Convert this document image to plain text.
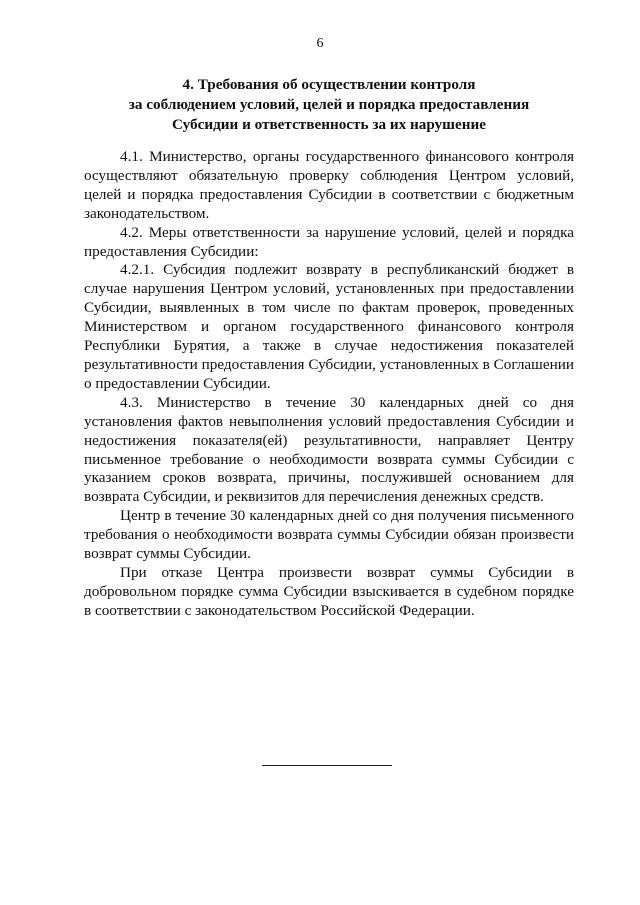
6
4. Требования об осуществлении контроля
за соблюдением условий, целей и порядка предоставления
Субсидии и ответственность за их нарушение

4.1. Министерство, органы государственного финансового контроля осуществляют обязательную проверку соблюдения Центром условий, целей и порядка предоставления Субсидии в соответствии с бюджетным законодательством.

4.2. Меры ответственности за нарушение условий, целей и порядка предоставления Субсидии:

4.2.1. Субсидия подлежит возврату в республиканский бюджет в случае нарушения Центром условий, установленных при предоставлении Субсидии, выявленных в том числе по фактам проверок, проведенных Министерством и органом государственного финансового контроля Республики Бурятия, а также в случае недостижения показателей результативности предоставления Субсидии, установленных в Соглашении о предоставлении Субсидии.

4.3. Министерство в течение 30 календарных дней со дня установления фактов невыполнения условий предоставления Субсидии и недостижения показателя(ей) результативности, направляет Центру письменное требование о необходимости возврата суммы Субсидии с указанием сроков возврата, причины, послужившей основанием для возврата Субсидии, и реквизитов для перечисления денежных средств.

Центр в течение 30 календарных дней со дня получения письменного требования о необходимости возврата суммы Субсидии обязан произвести возврат суммы Субсидии.

При отказе Центра произвести возврат суммы Субсидии в добровольном порядке сумма Субсидии взыскивается в судебном порядке в соответствии с законодательством Российской Федерации.
